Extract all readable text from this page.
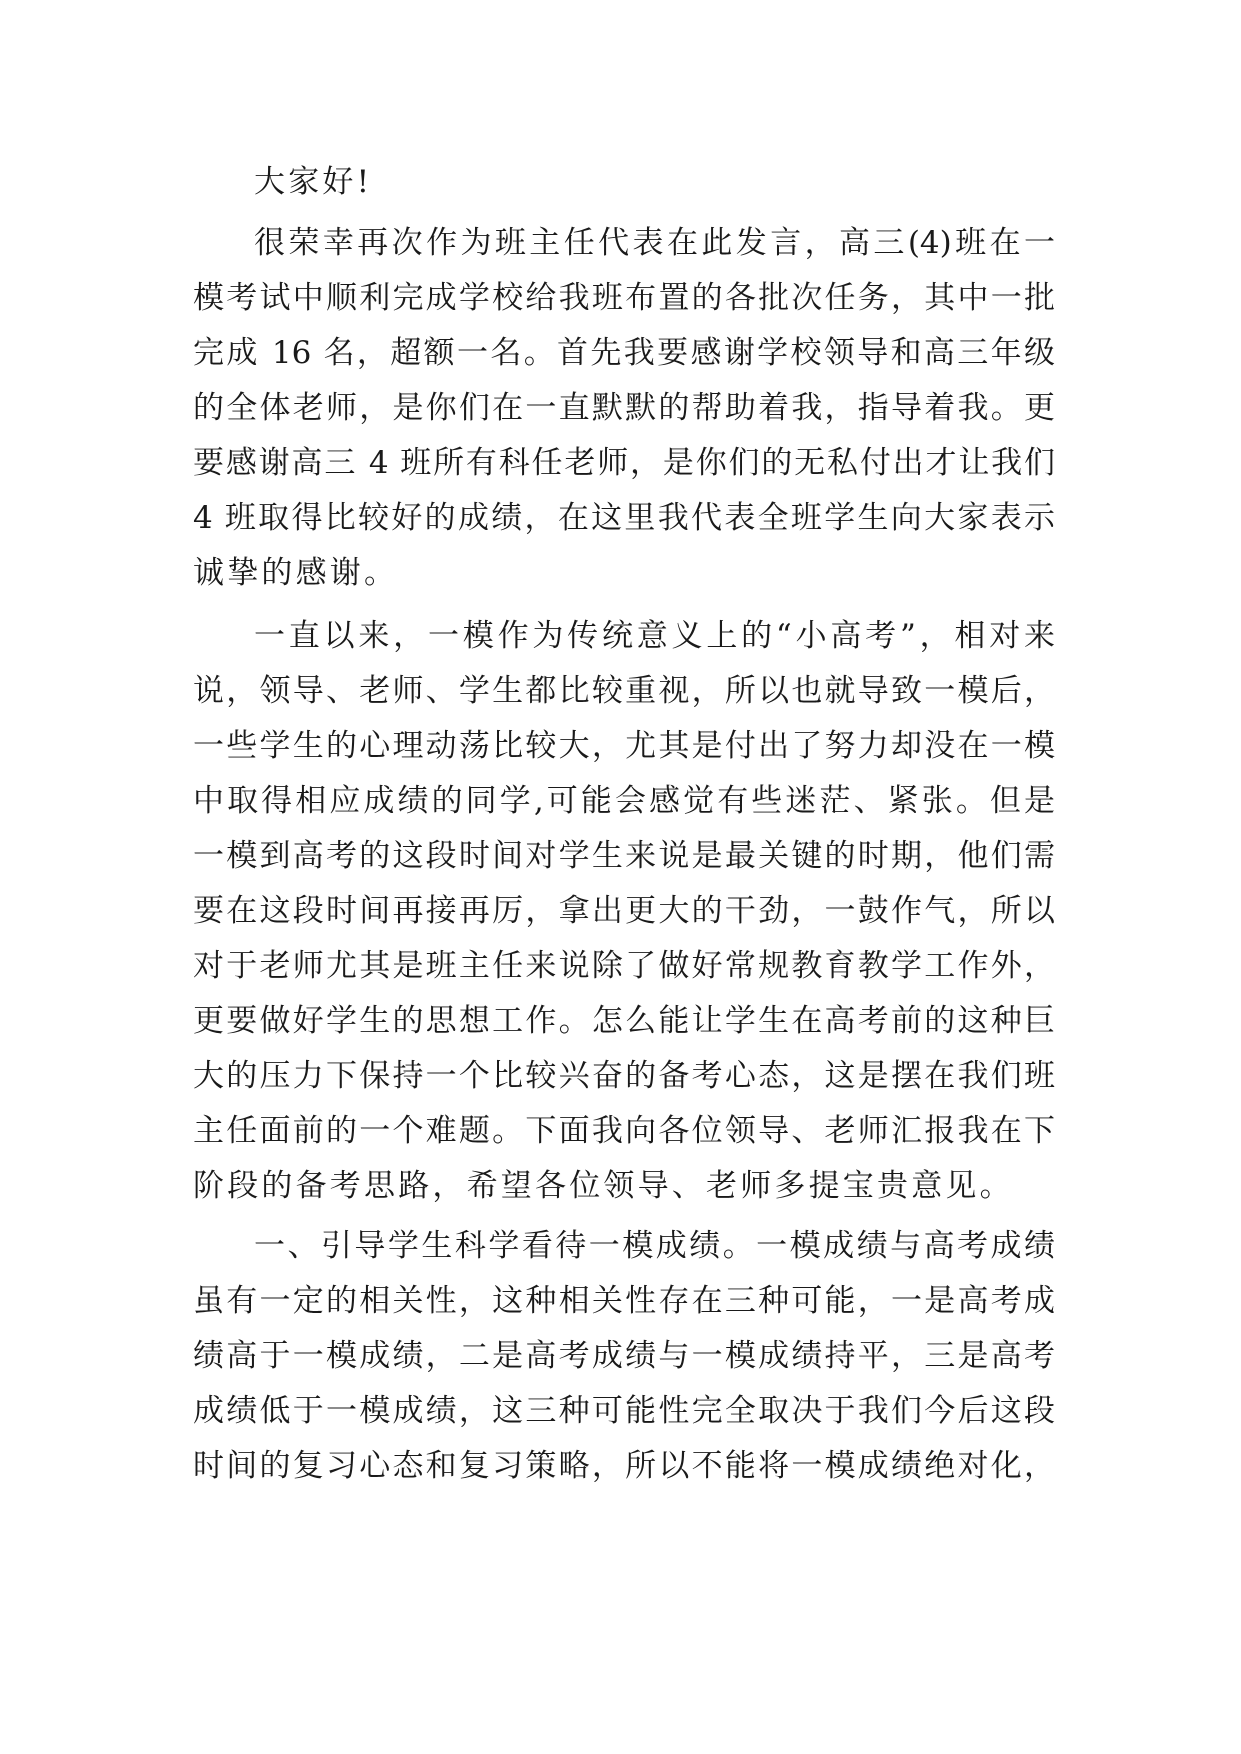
大家好!
很荣幸再次作为班主任代表在此发言，高三(4)班在一
模考试中顺利完成学校给我班布置的各批次任务，其中一批
完成 16 名，超额一名。首先我要感谢学校领导和高三年级
的全体老师，是你们在一直默默的帮助着我，指导着我。更
要感谢高三 4 班所有科任老师，是你们的无私付出才让我们
4 班取得比较好的成绩，在这里我代表全班学生向大家表示
诚挚的感谢。
一直以来，一模作为传统意义上的“小高考”，相对来
说，领导、老师、学生都比较重视，所以也就导致一模后，
一些学生的心理动荡比较大，尤其是付出了努力却没在一模
中取得相应成绩的同学,可能会感觉有些迷茫、紧张。但是
一模到高考的这段时间对学生来说是最关键的时期，他们需
要在这段时间再接再厉，拿出更大的干劲，一鼓作气，所以
对于老师尤其是班主任来说除了做好常规教育教学工作外，
更要做好学生的思想工作。怎么能让学生在高考前的这种巨
大的压力下保持一个比较兴奋的备考心态，这是摆在我们班
主任面前的一个难题。下面我向各位领导、老师汇报我在下
阶段的备考思路，希望各位领导、老师多提宝贵意见。
一、引导学生科学看待一模成绩。一模成绩与高考成绩
虽有一定的相关性，这种相关性存在三种可能，一是高考成
绩高于一模成绩，二是高考成绩与一模成绩持平，三是高考
成绩低于一模成绩，这三种可能性完全取决于我们今后这段
时间的复习心态和复习策略，所以不能将一模成绩绝对化，
